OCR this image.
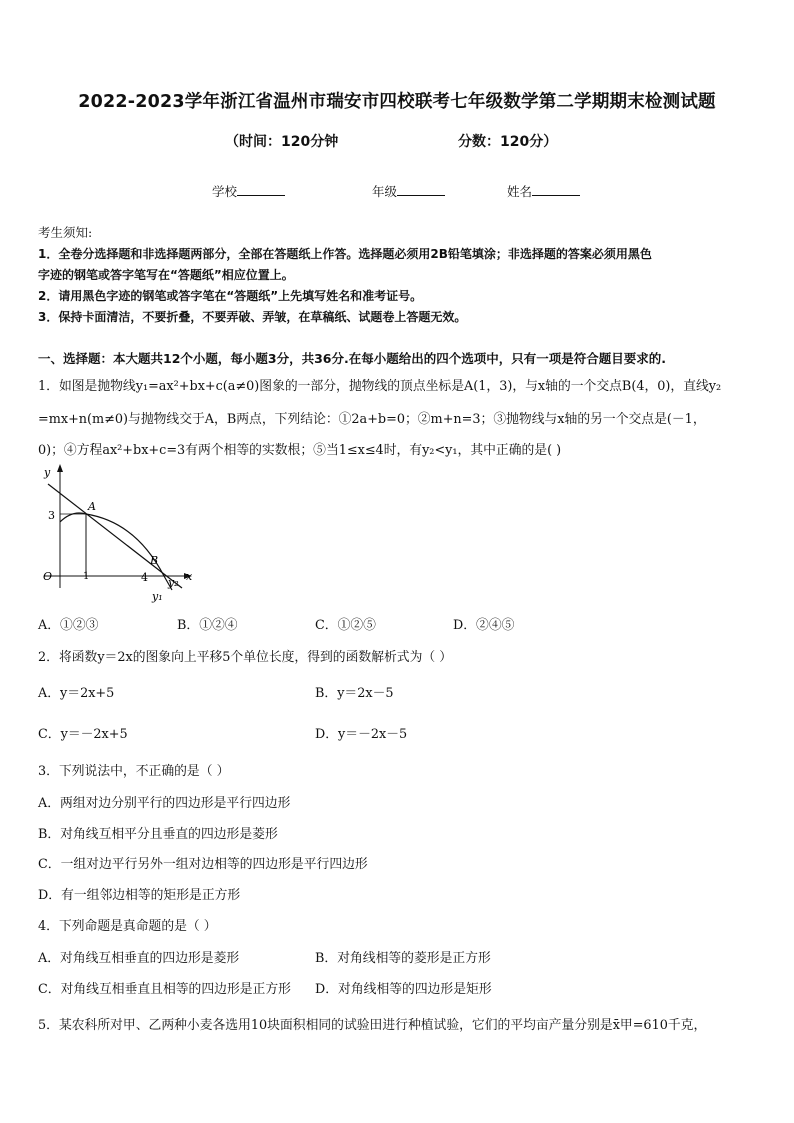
2022-2023学年浙江省温州市瑞安市四校联考七年级数学第二学期期末检测试题
（时间：120分钟	分数：120分）
学校	年级	姓名
考生须知:
1．全卷分选择题和非选择题两部分，全部在答题纸上作答。选择题必须用2B铅笔填涂；非选择题的答案必须用黑色
字迹的钢笔或答字笔写在“答题纸”相应位置上。
2．请用黑色字迹的钢笔或答字笔在“答题纸”上先填写姓名和准考证号。
3．保持卡面清洁，不要折叠，不要弄破、弄皱，在草稿纸、试题卷上答题无效。
一、选择题：本大题共12个小题，每小题3分，共36分.在每小题给出的四个选项中，只有一项是符合题目要求的.
1．如图是抛物线y₁=ax²+bx+c(a≠0)图象的一部分，抛物线的顶点坐标是A(1，3)，与x轴的一个交点B(4，0)，直线y₂
=mx+n(m≠0)与抛物线交于A，B两点，下列结论：①2a+b=0；②m+n=3；③抛物线与x轴的另一个交点是(－1，
0)；④方程ax²+bx+c=3有两个相等的实数根；⑤当1≤x≤4时，有y₂<y₁，其中正确的是( )
y
x
3
1	4
O
A
B
y₁
y₂
A．①②③	B．①②④	C．①②⑤	D．②④⑤
2．将函数y＝2x的图象向上平移5个单位长度，得到的函数解析式为（ ）
A．y＝2x+5	B．y＝2x－5
C．y＝－2x+5	D．y＝－2x－5
3．下列说法中，不正确的是（ ）
A．两组对边分别平行的四边形是平行四边形
B．对角线互相平分且垂直的四边形是菱形
C．一组对边平行另外一组对边相等的四边形是平行四边形
D．有一组邻边相等的矩形是正方形
4．下列命题是真命题的是（ ）
A．对角线互相垂直的四边形是菱形	B．对角线相等的菱形是正方形
C．对角线互相垂直且相等的四边形是正方形 D．对角线相等的四边形是矩形
5．某农科所对甲、乙两种小麦各选用10块面积相同的试验田进行种植试验，它们的平均亩产量分别是x̄甲=610千克，
